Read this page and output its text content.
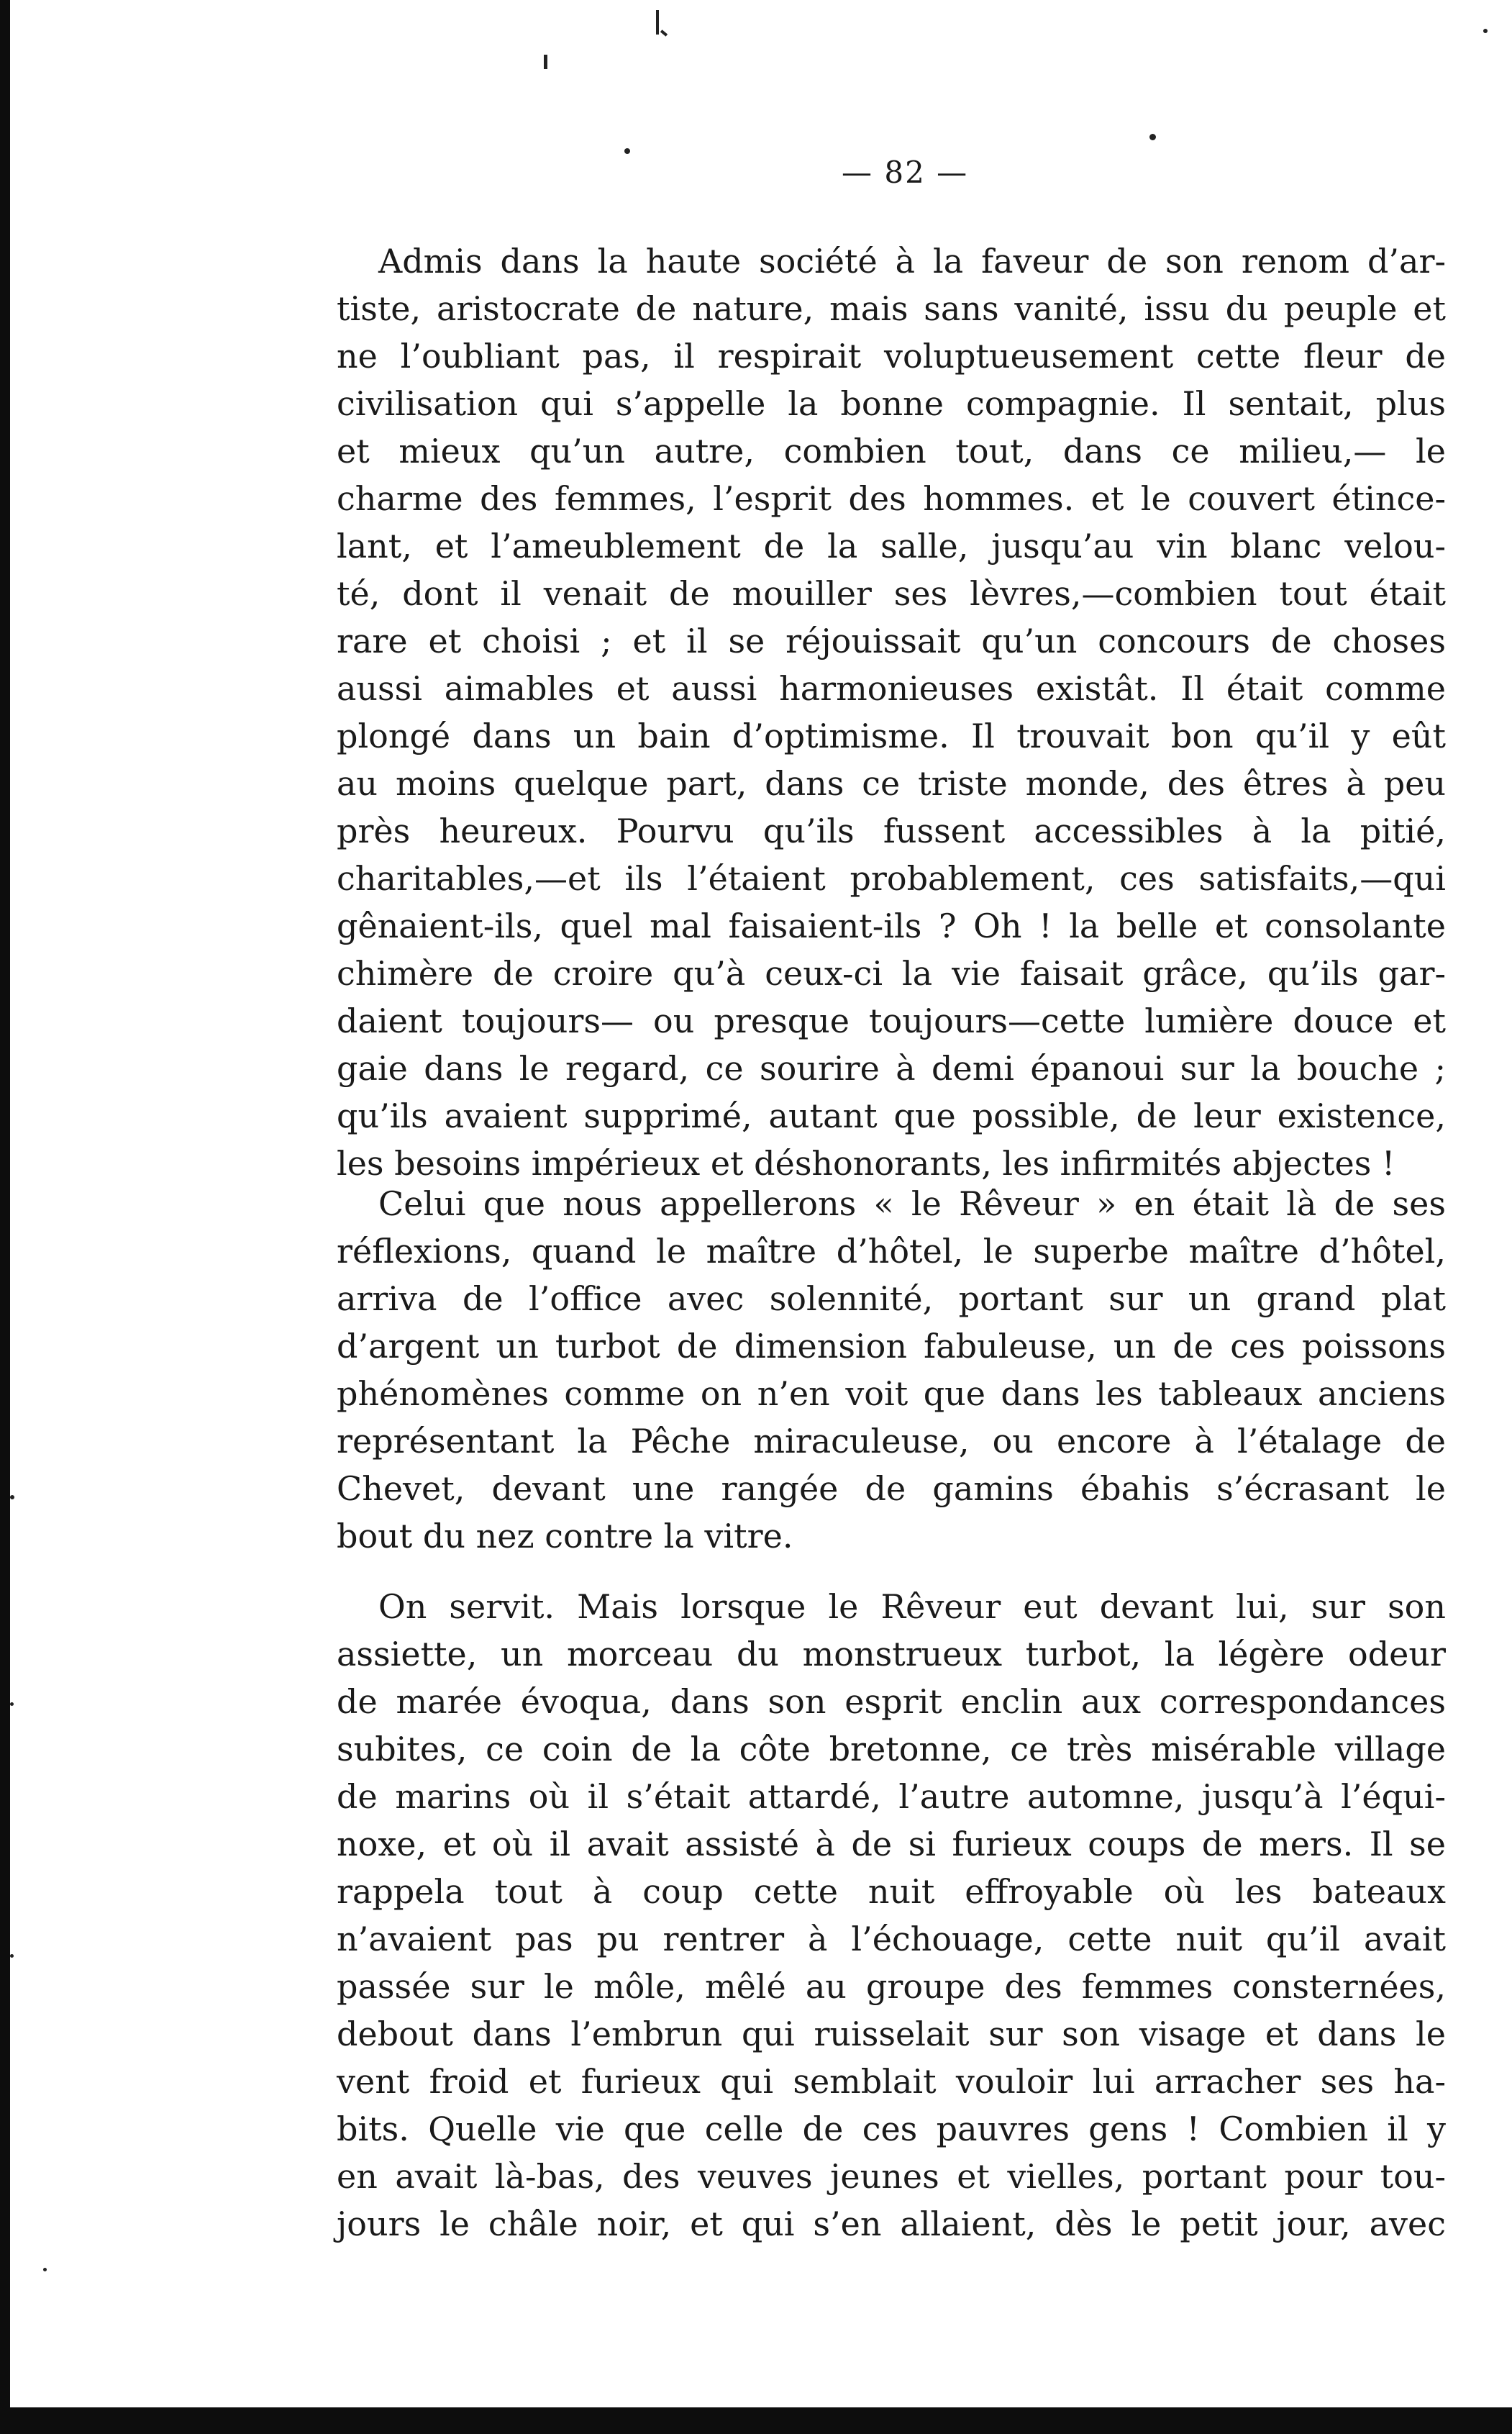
— 82 —
Admis dans la haute société à la faveur de son renom d’ar-
tiste, aristocrate de nature, mais sans vanité, issu du peuple et
ne l’oubliant pas, il respirait voluptueusement cette fleur de
civilisation qui s’appelle la bonne compagnie. Il sentait, plus
et mieux qu’un autre, combien tout, dans ce milieu,— le
charme des femmes, l’esprit des hommes. et le couvert étince-
lant, et l’ameublement de la salle, jusqu’au vin blanc velou-
té, dont il venait de mouiller ses lèvres,—combien tout était
rare et choisi ; et il se réjouissait qu’un concours de choses
aussi aimables et aussi harmonieuses existât. Il était comme
plongé dans un bain d’optimisme. Il trouvait bon qu’il y eût
au moins quelque part, dans ce triste monde, des êtres à peu
près heureux. Pourvu qu’ils fussent accessibles à la pitié,
charitables,—et ils l’étaient probablement, ces satisfaits,—qui
gênaient-ils, quel mal faisaient-ils ? Oh ! la belle et consolante
chimère de croire qu’à ceux-ci la vie faisait grâce, qu’ils gar-
daient toujours— ou presque toujours—cette lumière douce et
gaie dans le regard, ce sourire à demi épanoui sur la bouche ;
qu’ils avaient supprimé, autant que possible, de leur existence,
les besoins impérieux et déshonorants, les infirmités abjectes !
Celui que nous appellerons « le Rêveur » en était là de ses
réflexions, quand le maître d’hôtel, le superbe maître d’hôtel,
arriva de l’office avec solennité, portant sur un grand plat
d’argent un turbot de dimension fabuleuse, un de ces poissons
phénomènes comme on n’en voit que dans les tableaux anciens
représentant la Pêche miraculeuse, ou encore à l’étalage de
Chevet, devant une rangée de gamins ébahis s’écrasant le
bout du nez contre la vitre.
On servit. Mais lorsque le Rêveur eut devant lui, sur son
assiette, un morceau du monstrueux turbot, la légère odeur
de marée évoqua, dans son esprit enclin aux correspondances
subites, ce coin de la côte bretonne, ce très misérable village
de marins où il s’était attardé, l’autre automne, jusqu’à l’équi-
noxe, et où il avait assisté à de si furieux coups de mers. Il se
rappela tout à coup cette nuit effroyable où les bateaux
n’avaient pas pu rentrer à l’échouage, cette nuit qu’il avait
passée sur le môle, mêlé au groupe des femmes consternées,
debout dans l’embrun qui ruisselait sur son visage et dans le
vent froid et furieux qui semblait vouloir lui arracher ses ha-
bits. Quelle vie que celle de ces pauvres gens ! Combien il y
en avait là-bas, des veuves jeunes et vielles, portant pour tou-
jours le châle noir, et qui s’en allaient, dès le petit jour, avec
